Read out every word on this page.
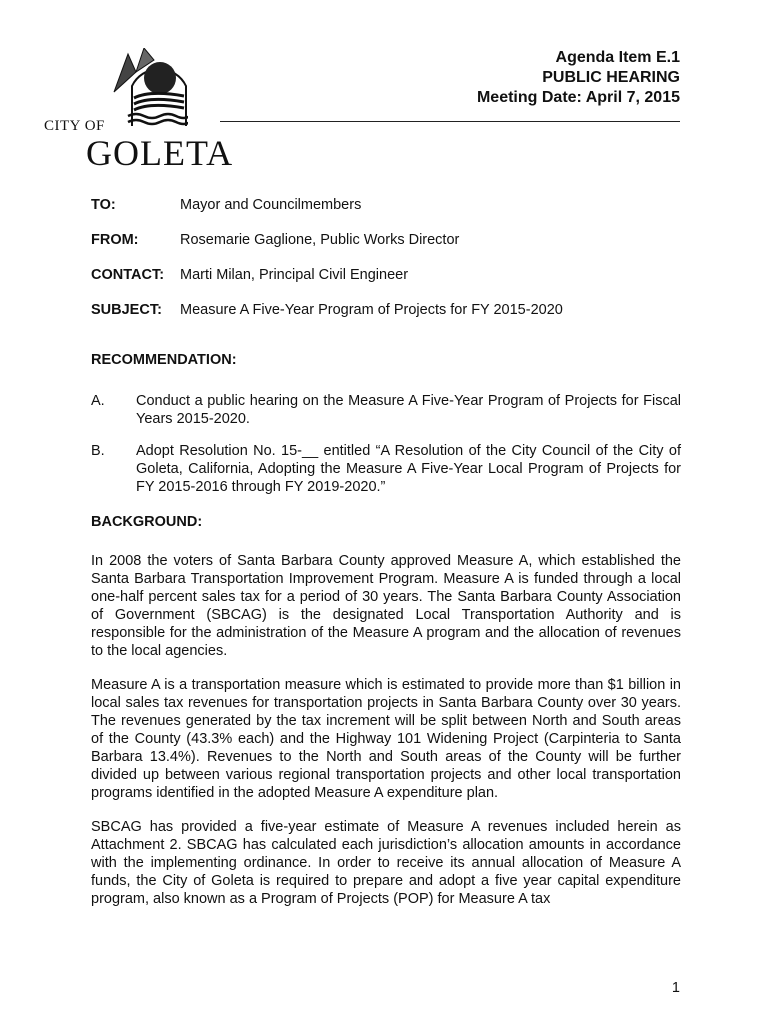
CITY OF
GOLETA
Agenda Item E.1
PUBLIC HEARING
Meeting Date: April 7, 2015
TO:	Mayor and Councilmembers
FROM:	Rosemarie Gaglione, Public Works Director
CONTACT: Marti Milan, Principal Civil Engineer
SUBJECT: Measure A Five-Year Program of Projects for FY 2015-2020
RECOMMENDATION:
A. Conduct a public hearing on the Measure A Five-Year Program of Projects for Fiscal Years 2015-2020.
B. Adopt Resolution No. 15-__ entitled “A Resolution of the City Council of the City of Goleta, California, Adopting the Measure A Five-Year Local Program of Projects for FY 2015-2016 through FY 2019-2020.”
BACKGROUND:

In 2008 the voters of Santa Barbara County approved Measure A, which established the Santa Barbara Transportation Improvement Program. Measure A is funded through a local one-half percent sales tax for a period of 30 years. The Santa Barbara County Association of Government (SBCAG) is the designated Local Transportation Authority and is responsible for the administration of the Measure A program and the allocation of revenues to the local agencies.

Measure A is a transportation measure which is estimated to provide more than $1 billion in local sales tax revenues for transportation projects in Santa Barbara County over 30 years. The revenues generated by the tax increment will be split between North and South areas of the County (43.3% each) and the Highway 101 Widening Project (Carpinteria to Santa Barbara 13.4%). Revenues to the North and South areas of the County will be further divided up between various regional transportation projects and other local transportation programs identified in the adopted Measure A expenditure plan.

SBCAG has provided a five-year estimate of Measure A revenues included herein as Attachment 2. SBCAG has calculated each jurisdiction’s allocation amounts in accordance with the implementing ordinance. In order to receive its annual allocation of Measure A funds, the City of Goleta is required to prepare and adopt a five year capital expenditure program, also known as a Program of Projects (POP) for Measure A tax

1
